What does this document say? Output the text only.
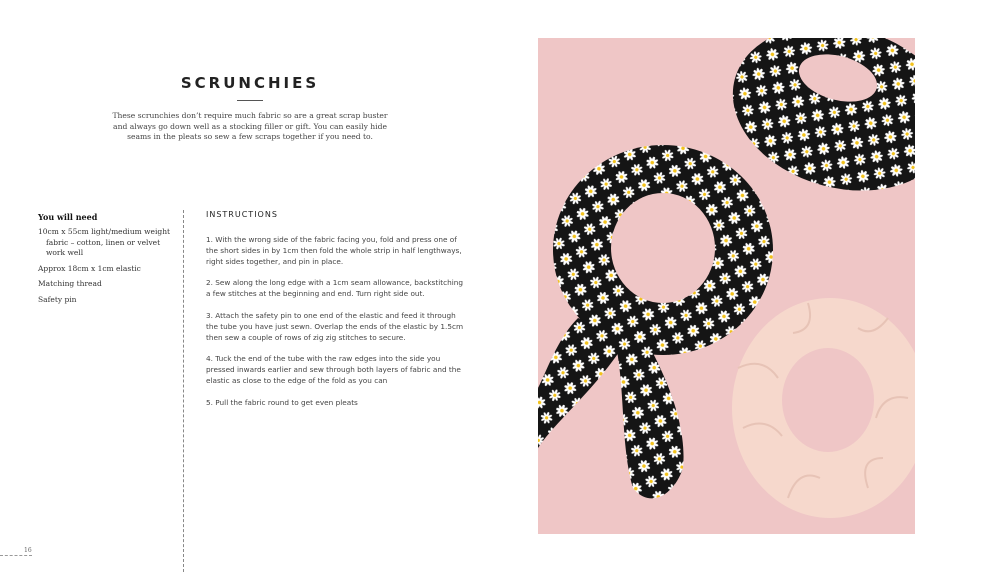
SCRUNCHIES

These scrunchies don’t require much fabric so are a great scrap buster and always go down well as a stocking filler or gift. You can easily hide seams in the pleats so sew a few scraps together if you need to.

You will need
10cm x 55cm light/medium weight fabric – cotton, linen or velvet work well
Approx 18cm x 1cm elastic
Matching thread
Safety pin
INSTRUCTIONS
1. With the wrong side of the fabric facing you, fold and press one of the short sides in by 1cm then fold the whole strip in half lengthways, right sides together, and pin in place.
2. Sew along the long edge with a 1cm seam allowance, backstitching a few stitches at the beginning and end. Turn right side out.
3. Attach the safety pin to one end of the elastic and feed it through the tube you have just sewn. Overlap the ends of the elastic by 1.5cm then sew a couple of rows of zig zig stitches to secure.
4. Tuck the end of the tube with the raw edges into the side you pressed inwards earlier and sew through both layers of fabric and the elastic as close to the edge of the fold as you can
5. Pull the fabric round to get even pleats
16
